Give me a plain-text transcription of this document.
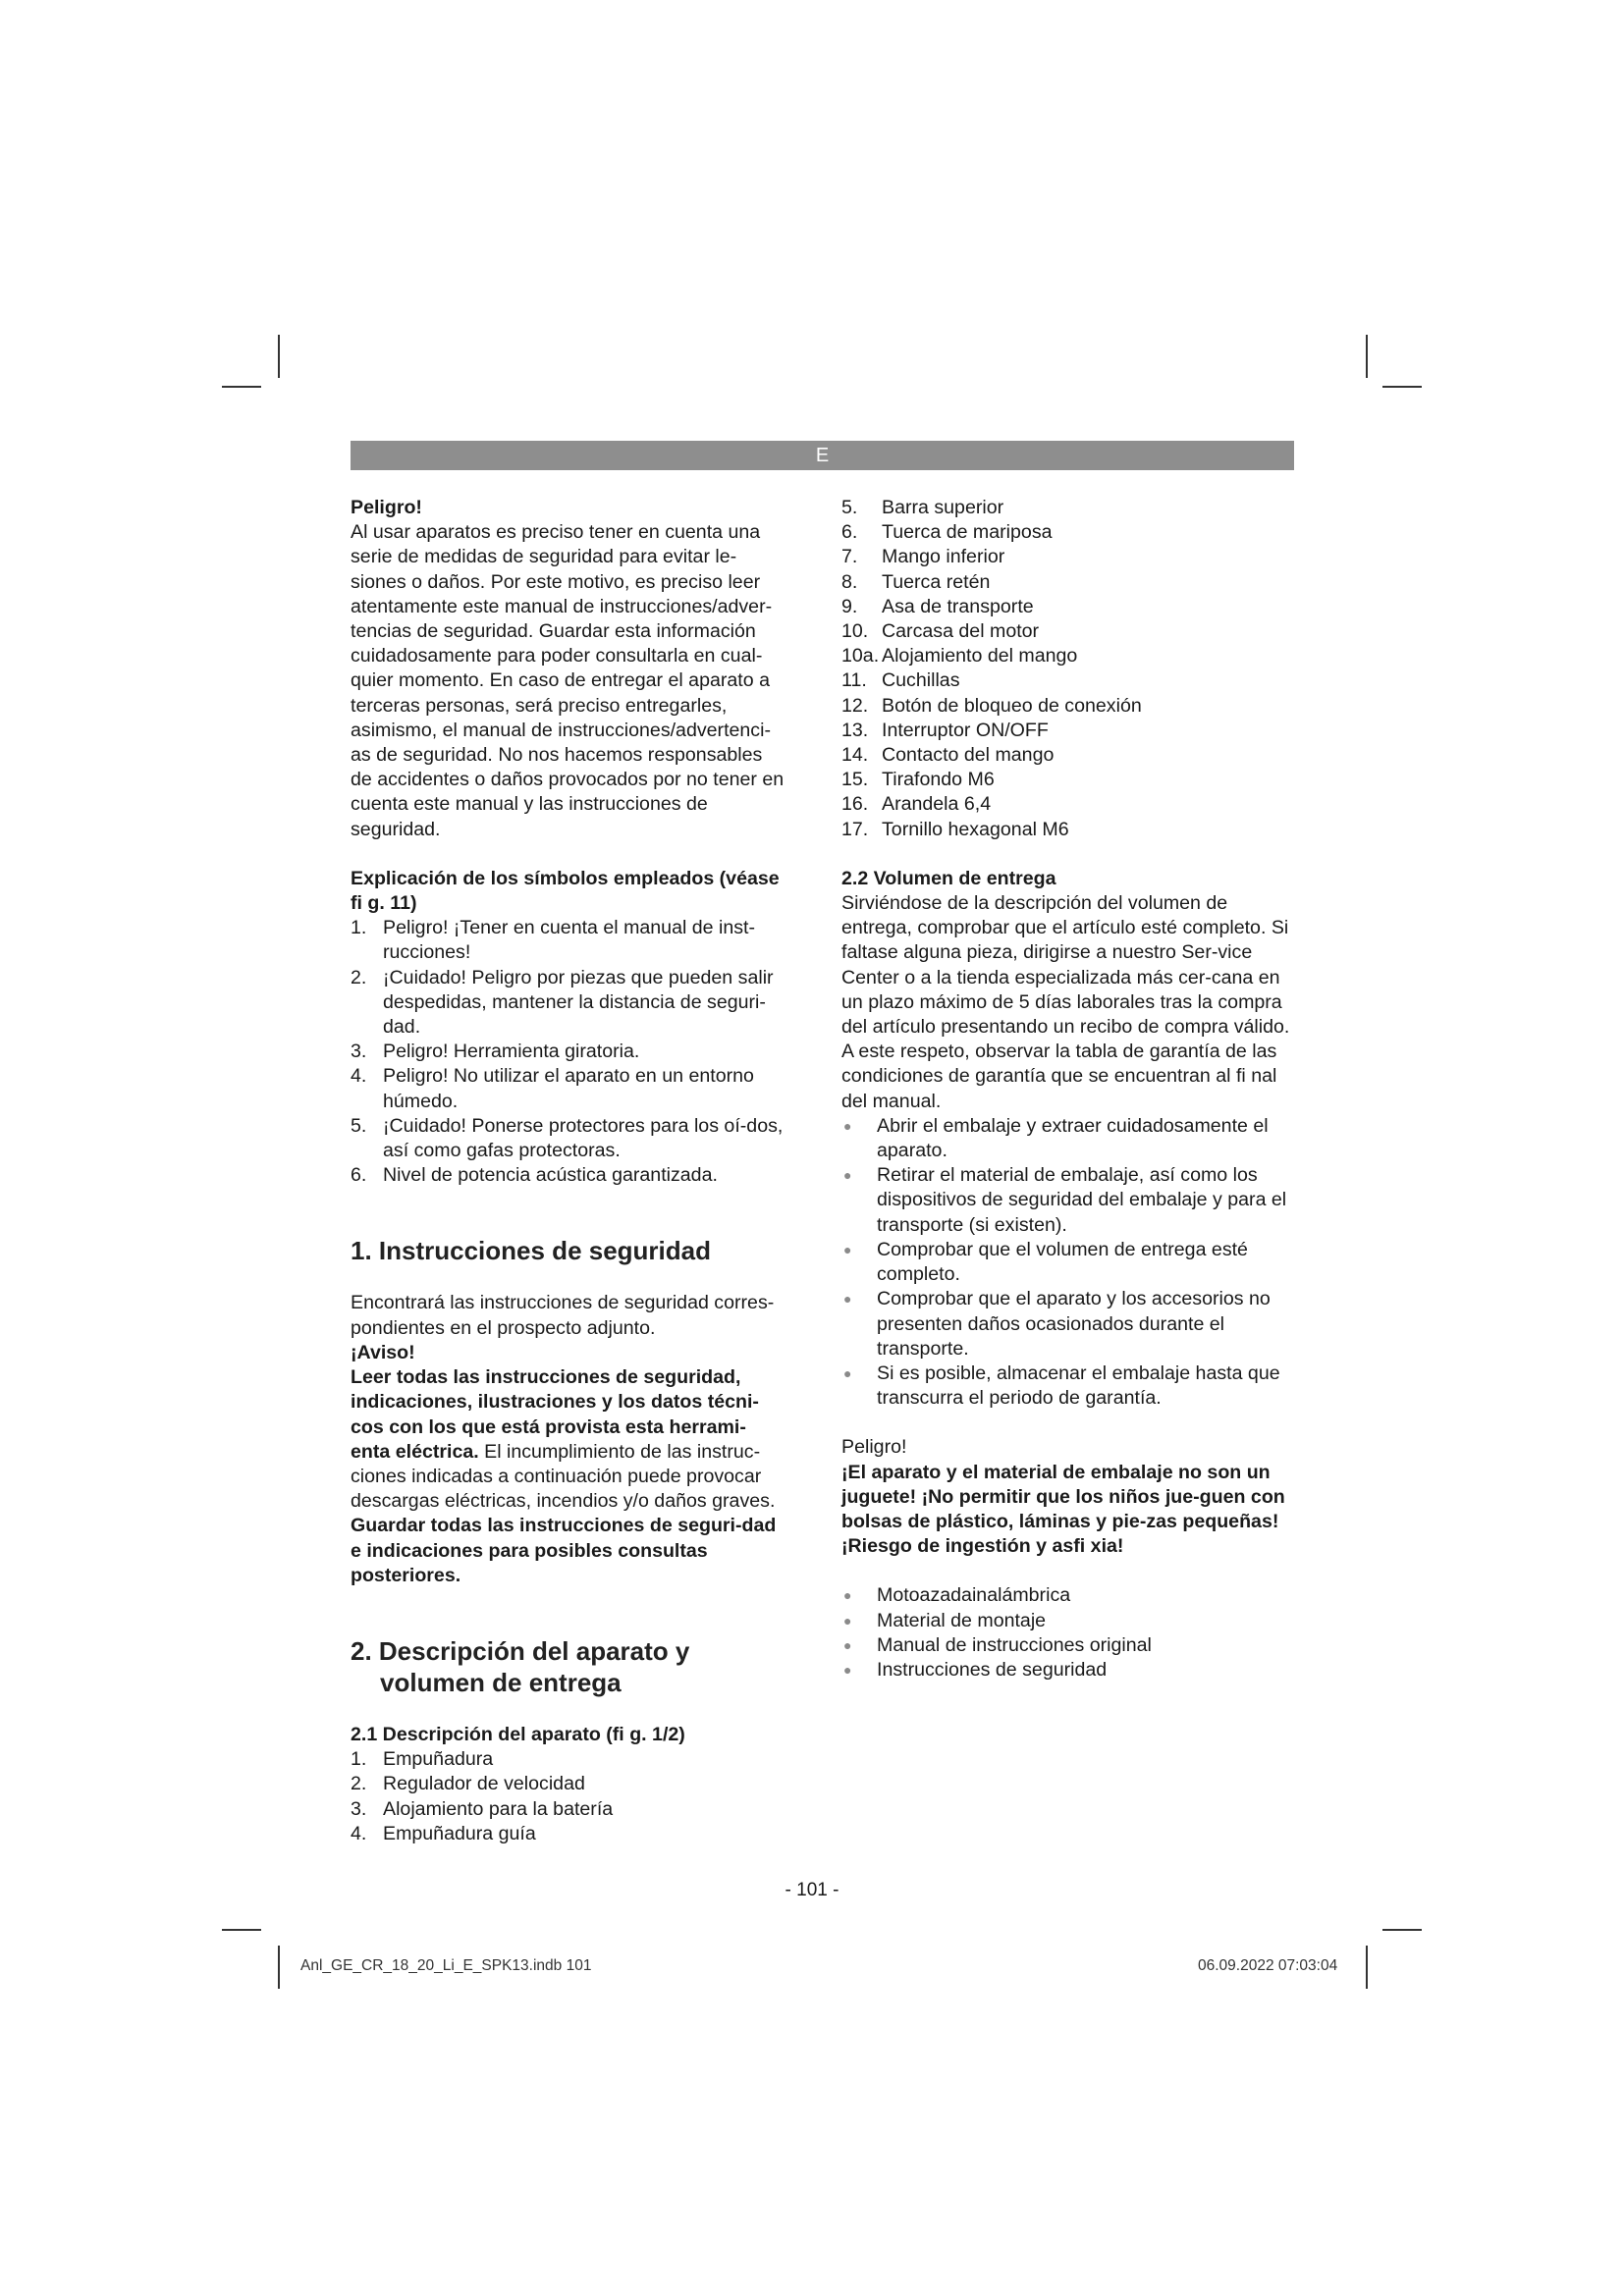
E

Peligro!

Al usar aparatos es preciso tener en cuenta una serie de medidas de seguridad para evitar le-siones o daños. Por este motivo, es preciso leer atentamente este manual de instrucciones/adver-tencias de seguridad. Guardar esta información cuidadosamente para poder consultarla en cual-quier momento. En caso de entregar el aparato a terceras personas, será preciso entregarles, asimismo, el manual de instrucciones/advertenci-as de seguridad. No nos hacemos responsables de accidentes o daños provocados por no tener en cuenta este manual y las instrucciones de seguridad.

Explicación de los símbolos empleados (véase fi g. 11)

1. Peligro! ¡Tener en cuenta el manual de inst-rucciones!
2. ¡Cuidado! Peligro por piezas que pueden salir despedidas, mantener la distancia de seguri-dad.
3. Peligro! Herramienta giratoria.
4. Peligro! No utilizar el aparato en un entorno húmedo.
5. ¡Cuidado! Ponerse protectores para los oí-dos, así como gafas protectoras.
6. Nivel de potencia acústica garantizada.
1. Instrucciones de seguridad

Encontrará las instrucciones de seguridad corres-pondientes en el prospecto adjunto.

¡Aviso!

Leer todas las instrucciones de seguridad, indicaciones, ilustraciones y los datos técni-cos con los que está provista esta herrami-enta eléctrica. El incumplimiento de las instruc-ciones indicadas a continuación puede provocar descargas eléctricas, incendios y/o daños graves.

Guardar todas las instrucciones de seguri-dad e indicaciones para posibles consultas posteriores.

2. Descripción del aparato y
volumen de entrega

2.1 Descripción del aparato (fi g. 1/2)

1. Empuñadura
2. Regulador de velocidad
3. Alojamiento para la batería
4. Empuñadura guía
5.	Barra superior
6.	Tuerca de mariposa
7.	Mango inferior
8.	Tuerca retén
9.	Asa de transporte
10. Carcasa del motor
10a. Alojamiento del mango
11. Cuchillas
12. Botón de bloqueo de conexión
13. Interruptor ON/OFF
14. Contacto del mango
15. Tirafondo M6
16. Arandela 6,4
17. Tornillo hexagonal M6

2.2 Volumen de entrega

Sirviéndose de la descripción del volumen de entrega, comprobar que el artículo esté completo. Si faltase alguna pieza, dirigirse a nuestro Ser-vice Center o a la tienda especializada más cer-cana en un plazo máximo de 5 días laborales tras la compra del artículo presentando un recibo de compra válido. A este respeto, observar la tabla de garantía de las condiciones de garantía que se encuentran al fi nal del manual.

●	Abrir el embalaje y extraer cuidadosamente el aparato.
●	Retirar el material de embalaje, así como los dispositivos de seguridad del embalaje y para el transporte (si existen).
●	Comprobar que el volumen de entrega esté completo.
●	Comprobar que el aparato y los accesorios no presenten daños ocasionados durante el transporte.
●	Si es posible, almacenar el embalaje hasta que transcurra el periodo de garantía.

Peligro!

¡El aparato y el material de embalaje no son un juguete! ¡No permitir que los niños jue-guen con bolsas de plástico, láminas y pie-zas pequeñas! ¡Riesgo de ingestión y asfi xia!

●	Motoazadainalámbrica
●	Material de montaje
●	Manual de instrucciones original
●	Instrucciones de seguridad
- 101 -
Anl_GE_CR_18_20_Li_E_SPK13.indb 101	06.09.2022 07:03:04
